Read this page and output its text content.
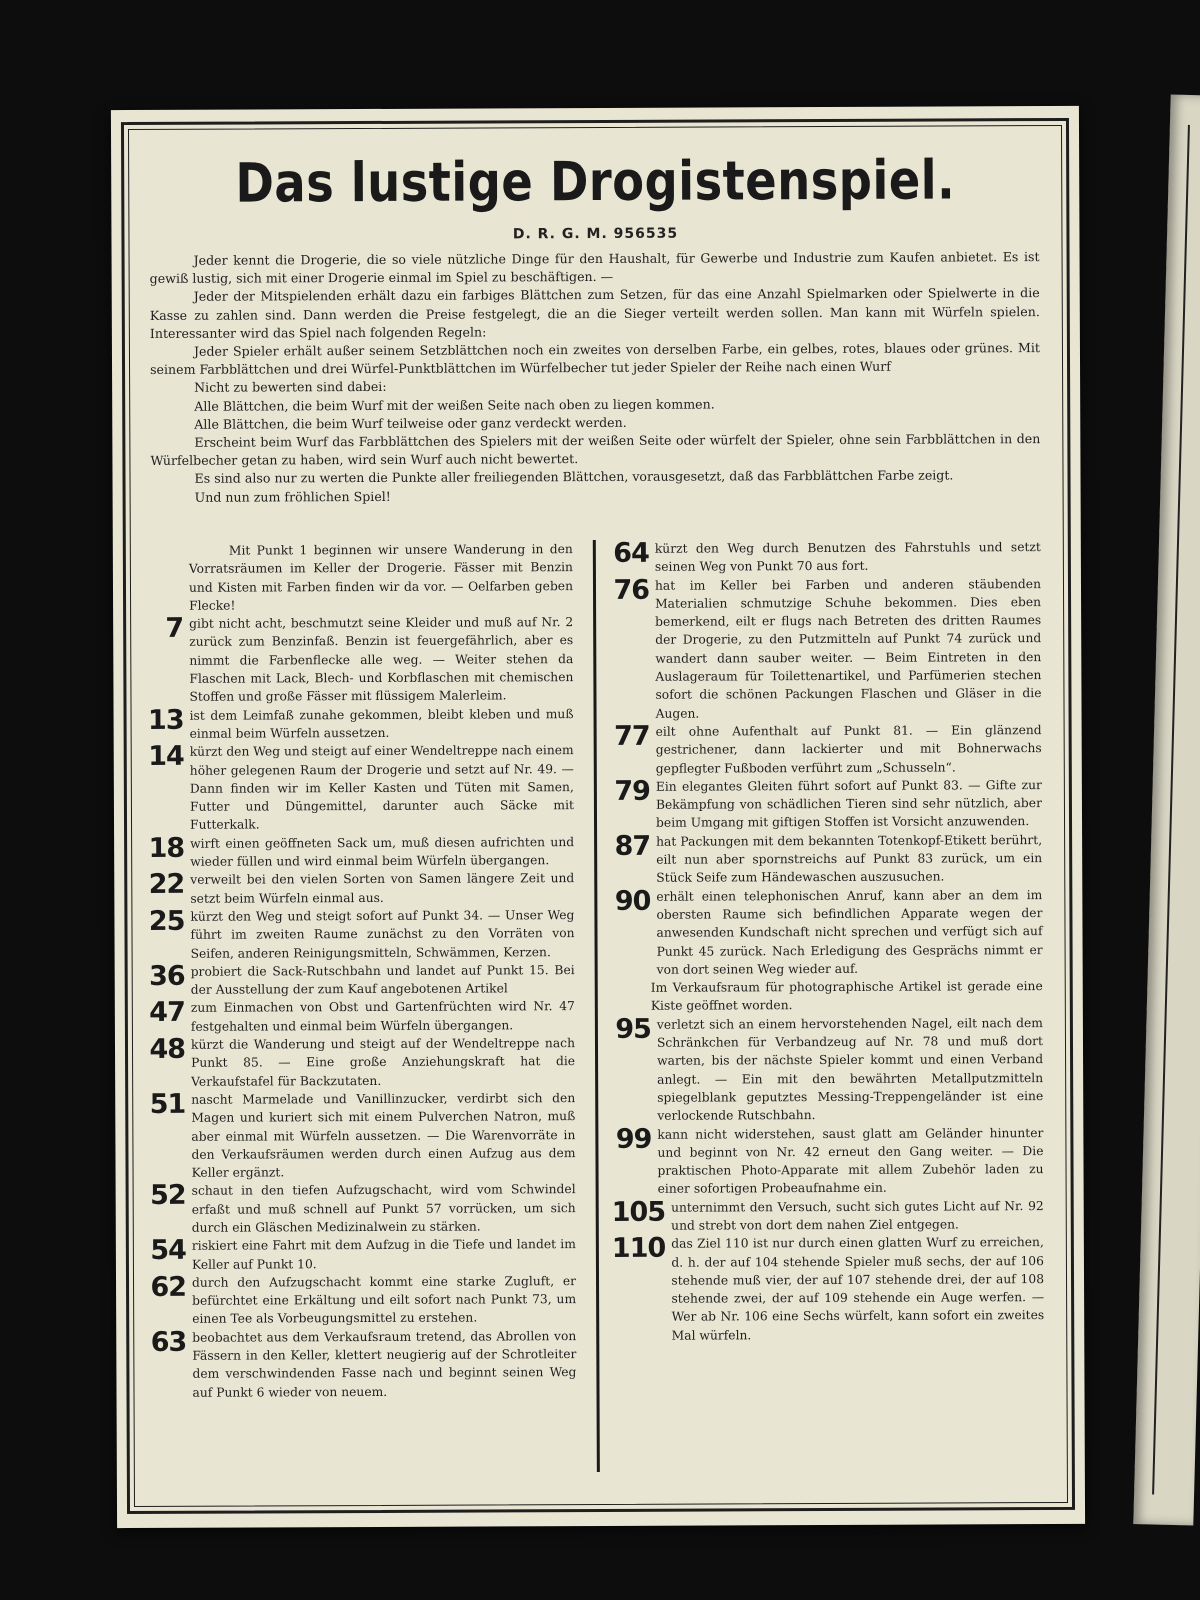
Das lustige Drogistenspiel.
D. R. G. M. 956535

Jeder kennt die Drogerie, die so viele nützliche Dinge für den Haushalt, für Gewerbe und Industrie zum Kaufen anbietet. Es ist gewiß lustig, sich mit einer Drogerie einmal im Spiel zu beschäftigen. —

Jeder der Mitspielenden erhält dazu ein farbiges Blättchen zum Setzen, für das eine Anzahl Spielmarken oder Spielwerte in die Kasse zu zahlen sind. Dann werden die Preise festgelegt, die an die Sieger verteilt werden sollen. Man kann mit Würfeln spielen. Interessanter wird das Spiel nach folgenden Regeln:

Jeder Spieler erhält außer seinem Setzblättchen noch ein zweites von derselben Farbe, ein gelbes, rotes, blaues oder grünes. Mit seinem Farbblättchen und drei Würfel-Punktblättchen im Würfelbecher tut jeder Spieler der Reihe nach einen Wurf

Nicht zu bewerten sind dabei:

Alle Blättchen, die beim Wurf mit der weißen Seite nach oben zu liegen kommen.

Alle Blättchen, die beim Wurf teilweise oder ganz verdeckt werden.

Erscheint beim Wurf das Farbblättchen des Spielers mit der weißen Seite oder würfelt der Spieler, ohne sein Farbblättchen in den Würfelbecher getan zu haben, wird sein Wurf auch nicht bewertet.

Es sind also nur zu werten die Punkte aller freiliegenden Blättchen, vorausgesetzt, daß das Farbblättchen Farbe zeigt.

Und nun zum fröhlichen Spiel!

Mit Punkt 1 beginnen wir unsere Wanderung in den Vorratsräumen im Keller der Drogerie. Fässer mit Benzin und Kisten mit Farben finden wir da vor. — Oelfarben geben Flecke!

7 gibt nicht acht, beschmutzt seine Kleider und muß auf Nr. 2 zurück zum Benzinfaß. Benzin ist feuergefährlich, aber es nimmt die Farbenflecke alle weg. — Weiter stehen da Flaschen mit Lack, Blech- und Korbflaschen mit chemischen Stoffen und große Fässer mit flüssigem Malerleim.
13 ist dem Leimfaß zunahe gekommen, bleibt kleben und muß einmal beim Würfeln aussetzen.
14 kürzt den Weg und steigt auf einer Wendeltreppe nach einem höher gelegenen Raum der Drogerie und setzt auf Nr. 49. — Dann finden wir im Keller Kasten und Tüten mit Samen, Futter und Düngemittel, darunter auch Säcke mit Futterkalk.
18 wirft einen geöffneten Sack um, muß diesen aufrichten und wieder füllen und wird einmal beim Würfeln übergangen.
22 verweilt bei den vielen Sorten von Samen längere Zeit und setzt beim Würfeln einmal aus.
25 kürzt den Weg und steigt sofort auf Punkt 34. — Unser Weg führt im zweiten Raume zunächst zu den Vorräten von Seifen, anderen Reinigungsmitteln, Schwämmen, Kerzen.
36 probiert die Sack-Rutschbahn und landet auf Punkt 15. Bei der Ausstellung der zum Kauf angebotenen Artikel
47 zum Einmachen von Obst und Gartenfrüchten wird Nr. 47 festgehalten und einmal beim Würfeln übergangen.
48 kürzt die Wanderung und steigt auf der Wendeltreppe nach Punkt 85. — Eine große Anziehungskraft hat die Verkaufstafel für Backzutaten.
51 nascht Marmelade und Vanillinzucker, verdirbt sich den Magen und kuriert sich mit einem Pulverchen Natron, muß aber einmal mit Würfeln aussetzen. — Die Warenvorräte in den Verkaufsräumen werden durch einen Aufzug aus dem Keller ergänzt.
52 schaut in den tiefen Aufzugschacht, wird vom Schwindel erfaßt und muß schnell auf Punkt 57 vorrücken, um sich durch ein Gläschen Medizinalwein zu stärken.
54 riskiert eine Fahrt mit dem Aufzug in die Tiefe und landet im Keller auf Punkt 10.
62 durch den Aufzugschacht kommt eine starke Zugluft, er befürchtet eine Erkältung und eilt sofort nach Punkt 73, um einen Tee als Vorbeugungsmittel zu erstehen.
63 beobachtet aus dem Verkaufsraum tretend, das Abrollen von Fässern in den Keller, klettert neugierig auf der Schrotleiter dem verschwindenden Fasse nach und beginnt seinen Weg auf Punkt 6 wieder von neuem.
64 kürzt den Weg durch Benutzen des Fahrstuhls und setzt seinen Weg von Punkt 70 aus fort.
76 hat im Keller bei Farben und anderen stäubenden Materialien schmutzige Schuhe bekommen. Dies eben bemerkend, eilt er flugs nach Betreten des dritten Raumes der Drogerie, zu den Putzmitteln auf Punkt 74 zurück und wandert dann sauber weiter. — Beim Eintreten in den Auslageraum für Toilettenartikel, und Parfümerien stechen sofort die schönen Packungen Flaschen und Gläser in die Augen.
77 eilt ohne Aufenthalt auf Punkt 81. — Ein glänzend gestrichener, dann lackierter und mit Bohnerwachs gepflegter Fußboden verführt zum „Schusseln“.
79 Ein elegantes Gleiten führt sofort auf Punkt 83. — Gifte zur Bekämpfung von schädlichen Tieren sind sehr nützlich, aber beim Umgang mit giftigen Stoffen ist Vorsicht anzuwenden.
87 hat Packungen mit dem bekannten Totenkopf-Etikett berührt, eilt nun aber spornstreichs auf Punkt 83 zurück, um ein Stück Seife zum Händewaschen auszusuchen.
90 erhält einen telephonischen Anruf, kann aber an dem im obersten Raume sich befindlichen Apparate wegen der anwesenden Kundschaft nicht sprechen und verfügt sich auf Punkt 45 zurück. Nach Erledigung des Gesprächs nimmt er von dort seinen Weg wieder auf.

Im Verkaufsraum für photographische Artikel ist gerade eine Kiste geöffnet worden.

95 verletzt sich an einem hervorstehenden Nagel, eilt nach dem Schränkchen für Verbandzeug auf Nr. 78 und muß dort warten, bis der nächste Spieler kommt und einen Verband anlegt. — Ein mit den bewährten Metallputzmitteln spiegelblank geputztes Messing-Treppengeländer ist eine verlockende Rutschbahn.
99 kann nicht widerstehen, saust glatt am Geländer hinunter und beginnt von Nr. 42 erneut den Gang weiter. — Die praktischen Photo-Apparate mit allem Zubehör laden zu einer sofortigen Probeaufnahme ein.
105 unternimmt den Versuch, sucht sich gutes Licht auf Nr. 92 und strebt von dort dem nahen Ziel entgegen.
110 das Ziel 110 ist nur durch einen glatten Wurf zu erreichen, d. h. der auf 104 stehende Spieler muß sechs, der auf 106 stehende muß vier, der auf 107 stehende drei, der auf 108 stehende zwei, der auf 109 stehende ein Auge werfen. — Wer ab Nr. 106 eine Sechs würfelt, kann sofort ein zweites Mal würfeln.
